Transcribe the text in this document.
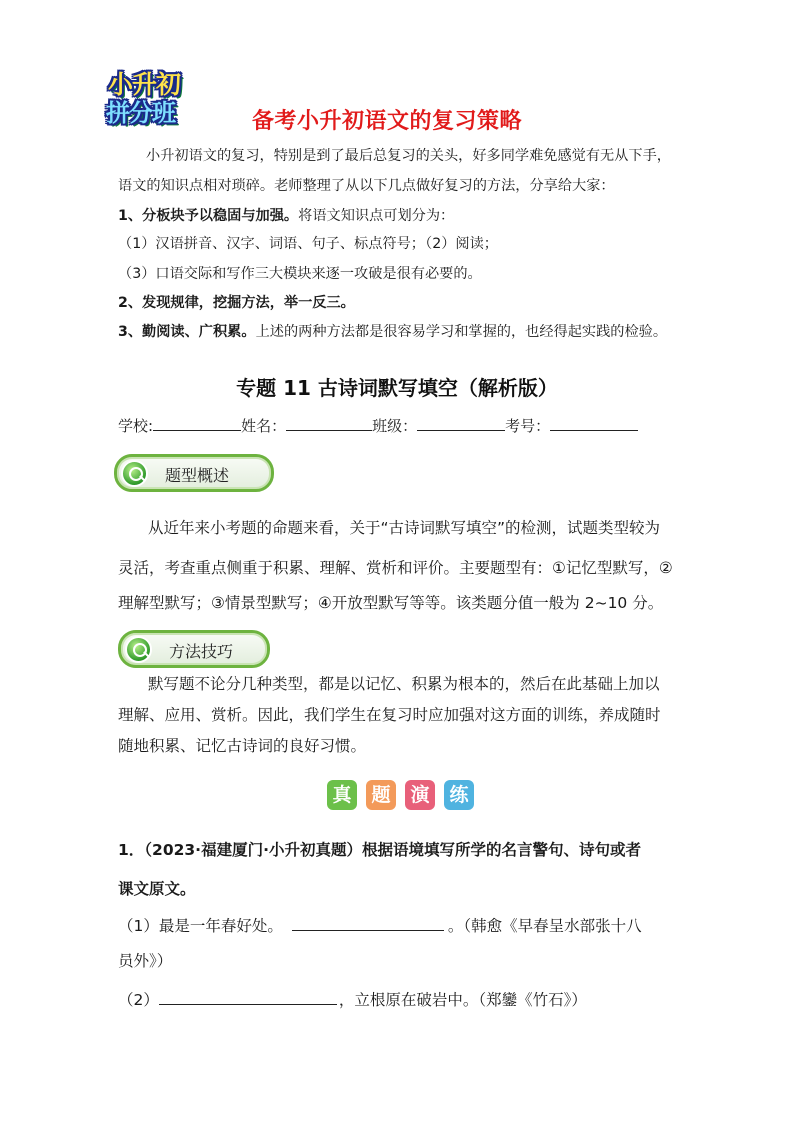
小升初
拼分班	备考小升初语文的复习策略
小升初语文的复习，特别是到了最后总复习的关头，好多同学难免感觉有无从下手，
语文的知识点相对琐碎。老师整理了从以下几点做好复习的方法，分享给大家：
1、分板块予以稳固与加强。将语文知识点可划分为：
（1）汉语拼音、汉字、词语、句子、标点符号；
（2）阅读；
（3）口语交际和写作三大模块来逐一攻破是很有必要的。
2、发现规律，挖掘方法，举一反三。
3、勤阅读、广积累。上述的两种方法都是很容易学习和掌握的，也经得起实践的检验。
专题 11 古诗词默写填空（解析版）
学校:	姓名：	班级：	考号：
题型概述
从近年来小考题的命题来看，关于“古诗词默写填空”的检测，试题类型较为
灵活，考查重点侧重于积累、理解、赏析和评价。主要题型有：①记忆型默写，②
理解型默写；③情景型默写；④开放型默写等等。该类题分值一般为 2~10 分。
方法技巧
默写题不论分几种类型，都是以记忆、积累为根本的，然后在此基础上加以
理解、应用、赏析。因此，我们学生在复习时应加强对这方面的训练，养成随时
随地积累、记忆古诗词的良好习惯。
真 题 演 练
1．（2023·福建厦门·小升初真题）根据语境填写所学的名言警句、诗句或者
课文原文。
（1）最是一年春好处。	。（韩愈《早春呈水部张十八
员外》）
（2）	，立根原在破岩中。（郑鑾《竹石》）
